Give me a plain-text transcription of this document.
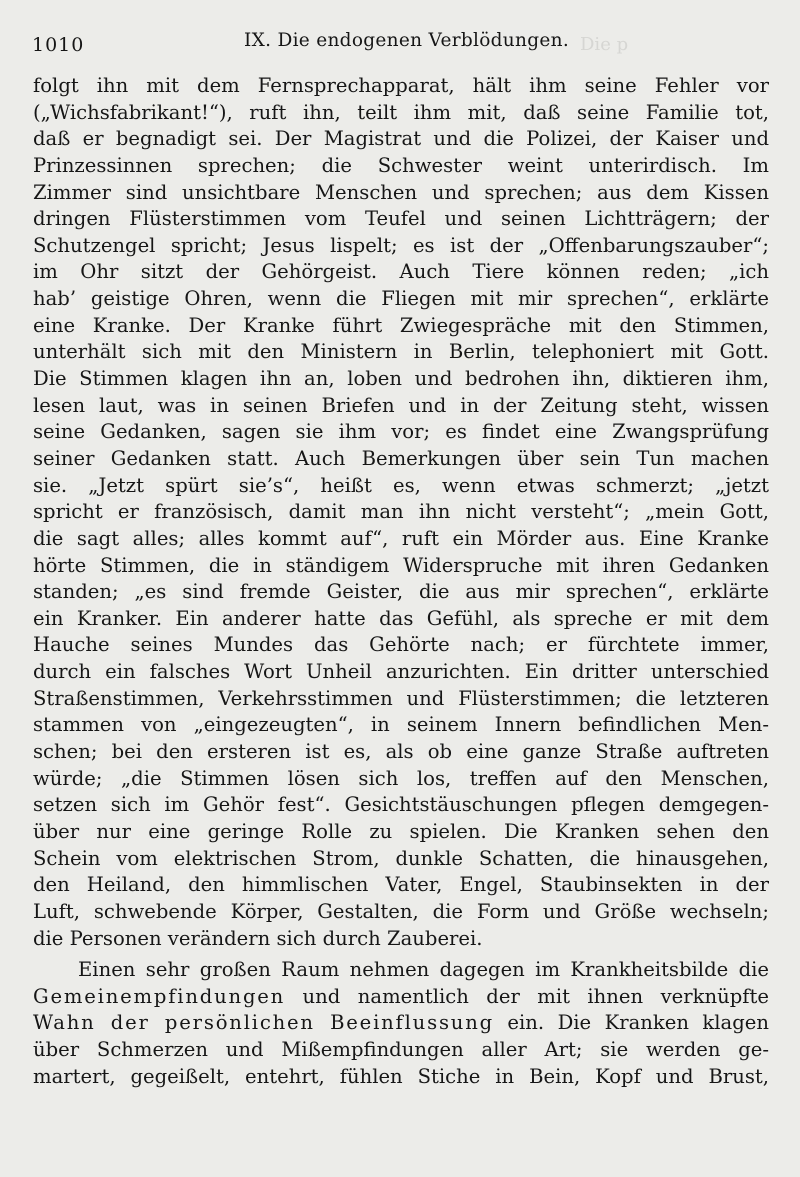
1010	IX. Die endogenen Verblödungen. Die p
folgt ihn mit dem Fernsprechapparat, hält ihm seine Fehler vor
(„Wichsfabrikant!“), ruft ihn, teilt ihm mit, daß seine Familie tot,
daß er begnadigt sei. Der Magistrat und die Polizei, der Kaiser und
Prinzessinnen sprechen; die Schwester weint unterirdisch. Im
Zimmer sind unsichtbare Menschen und sprechen; aus dem Kissen
dringen Flüsterstimmen vom Teufel und seinen Lichtträgern; der
Schutzengel spricht; Jesus lispelt; es ist der „Offenbarungszauber“;
im Ohr sitzt der Gehörgeist. Auch Tiere können reden; „ich
hab’ geistige Ohren, wenn die Fliegen mit mir sprechen“, erklärte
eine Kranke. Der Kranke führt Zwiegespräche mit den Stimmen,
unterhält sich mit den Ministern in Berlin, telephoniert mit Gott.
Die Stimmen klagen ihn an, loben und bedrohen ihn, diktieren ihm,
lesen laut, was in seinen Briefen und in der Zeitung steht, wissen
seine Gedanken, sagen sie ihm vor; es findet eine Zwangsprüfung
seiner Gedanken statt. Auch Bemerkungen über sein Tun machen
sie. „Jetzt spürt sie’s“, heißt es, wenn etwas schmerzt; „jetzt
spricht er französisch, damit man ihn nicht versteht“; „mein Gott,
die sagt alles; alles kommt auf“, ruft ein Mörder aus. Eine Kranke
hörte Stimmen, die in ständigem Widerspruche mit ihren Gedanken
standen; „es sind fremde Geister, die aus mir sprechen“, erklärte
ein Kranker. Ein anderer hatte das Gefühl, als spreche er mit dem
Hauche seines Mundes das Gehörte nach; er fürchtete immer,
durch ein falsches Wort Unheil anzurichten. Ein dritter unterschied
Straßenstimmen, Verkehrsstimmen und Flüsterstimmen; die letzteren
stammen von „eingezeugten“, in seinem Innern befindlichen Men-
schen; bei den ersteren ist es, als ob eine ganze Straße auftreten
würde; „die Stimmen lösen sich los, treffen auf den Menschen,
setzen sich im Gehör fest“. Gesichtstäuschungen pflegen demgegen-
über nur eine geringe Rolle zu spielen. Die Kranken sehen den
Schein vom elektrischen Strom, dunkle Schatten, die hinausgehen,
den Heiland, den himmlischen Vater, Engel, Staubinsekten in der
Luft, schwebende Körper, Gestalten, die Form und Größe wechseln;
die Personen verändern sich durch Zauberei.
Einen sehr großen Raum nehmen dagegen im Krankheitsbilde die
Gemeinempfindungen und namentlich der mit ihnen verknüpfte
Wahn der persönlichen Beeinflussung ein. Die Kranken klagen
über Schmerzen und Mißempfindungen aller Art; sie werden ge-
martert, gegeißelt, entehrt, fühlen Stiche in Bein, Kopf und Brust,
